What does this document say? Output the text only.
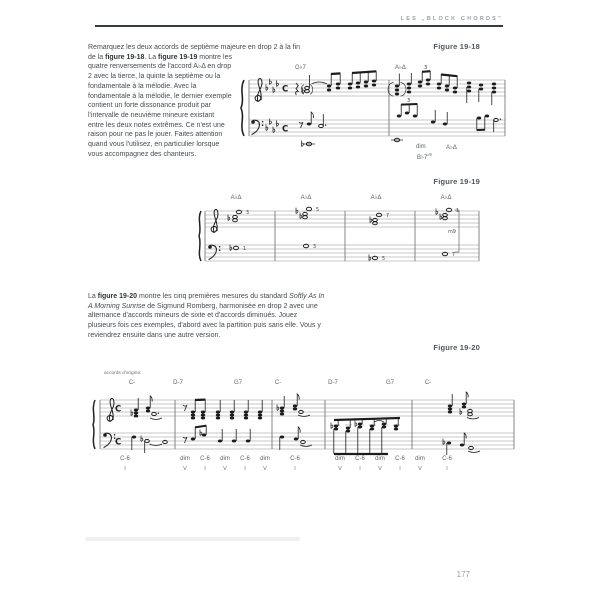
LES „BLOCK CHORDS”
Remarquez les deux accords de septième majeure en drop 2 à la fin de la figure 19-18. La figure 19-19 montre les quatre renversements de l'accord A♭Δ en drop 2 avec la tierce, la quinte la septième ou la fondamentale à la mélodie. Avec la fondamentale à la mélodie, le dernier exemple contient un forte dissonance produit par l'intervalle de neuvième mineure existant entre les deux notes extrêmes. Ce n'est une raison pour ne pas le jouer. Faites attention quand vous l'utilisez, en particulier lorsque vous accompagnez des chanteurs.
Figure 19-18
C
C
3
3
G♭7	A♭Δ
dim	A♭Δ
$B♭7^{♭9}$
Figure 19-19
3
1
5
3
7
5
1
7
m9
A♭Δ	A♭Δ	A♭Δ	A♭Δ
La figure 19-20 montre les cinq premières mesures du standard Softly As In A Morning Sunrise de Sigmund Romberg, harmonisée en drop 2 avec une alternance d'accords mineurs de sixte et d'accords diminués. Jouez plusieurs fois ces exemples, d'abord avec la partition puis sans elle. Vous y reviendrez ensuite dans une autre version.
Figure 19-20
C
C
accords d'origine:
C-	D-7	G7	C-	D-7	G7	C-
C-6	dim C-6 dim C-6 dim	C-6	dim C-6 dim C-6 dim	C-6
I	V	I	V	I	V	I	V	I	V	I	V	I
177
